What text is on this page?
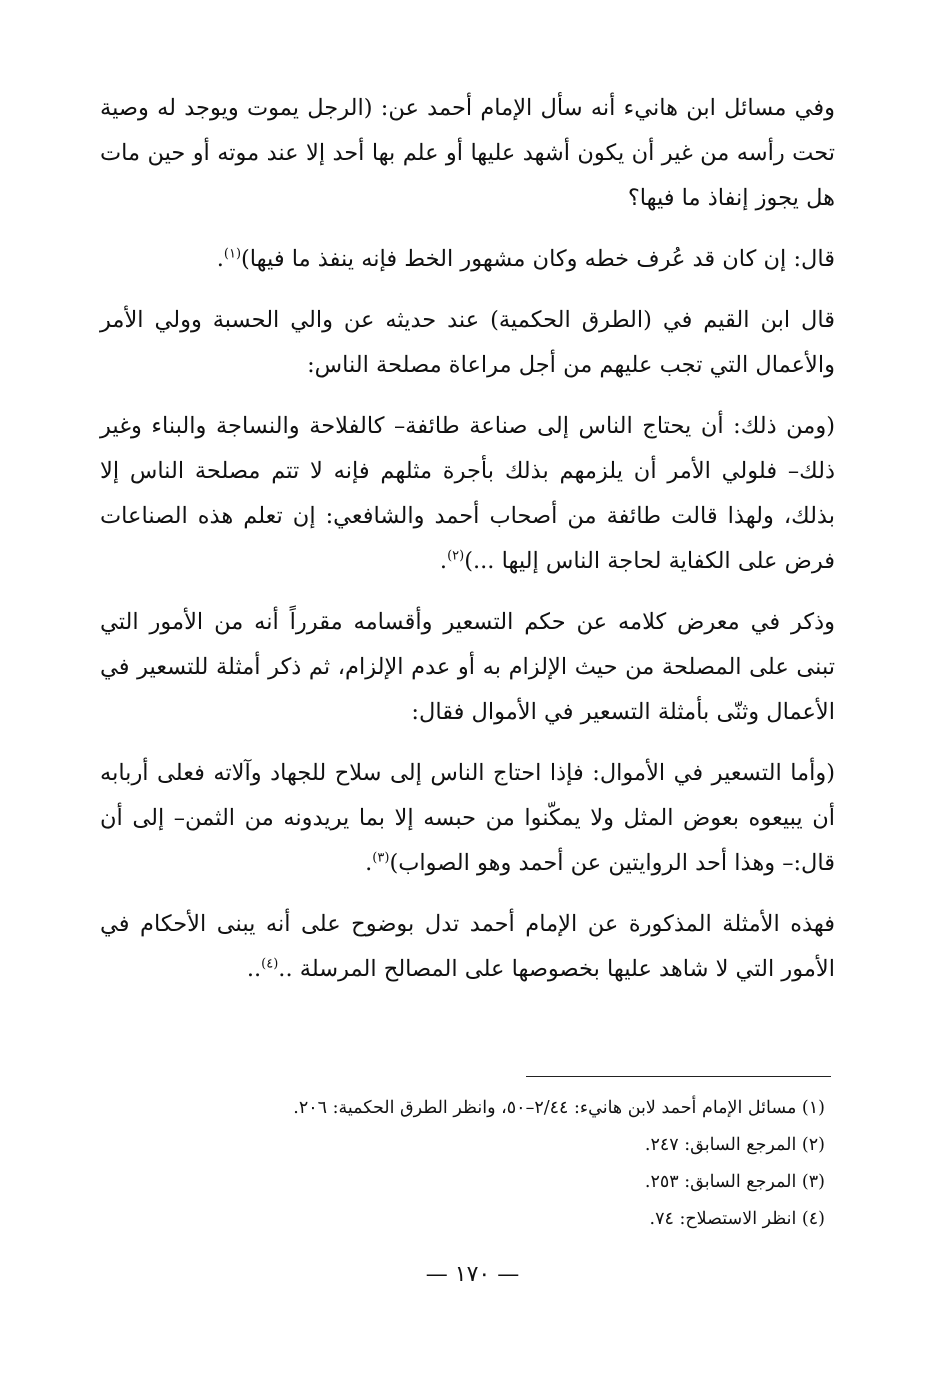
وفي مسائل ابن هانيء أنه سأل الإمام أحمد عن: (الرجل يموت ويوجد له وصية تحت رأسه من غير أن يكون أشهد عليها أو علم بها أحد إلا عند موته أو حين مات هل يجوز إنفاذ ما فيها؟

قال: إن كان قد عُرف خطه وكان مشهور الخط فإنه ينفذ ما فيها)$^{(١)}$.

قال ابن القيم في (الطرق الحكمية) عند حديثه عن والي الحسبة وولي الأمر والأعمال التي تجب عليهم من أجل مراعاة مصلحة الناس:

(ومن ذلك: أن يحتاج الناس إلى صناعة طائفة– كالفلاحة والنساجة والبناء وغير ذلك– فلولي الأمر أن يلزمهم بذلك بأجرة مثلهم فإنه لا تتم مصلحة الناس إلا بذلك، ولهذا قالت طائفة من أصحاب أحمد والشافعي: إن تعلم هذه الصناعات فرض على الكفاية لحاجة الناس إليها ...)$^{(٢)}$.

وذكر في معرض كلامه عن حكم التسعير وأقسامه مقرراً أنه من الأمور التي تبنى على المصلحة من حيث الإلزام به أو عدم الإلزام، ثم ذكر أمثلة للتسعير في الأعمال وثنّى بأمثلة التسعير في الأموال فقال:

(وأما التسعير في الأموال: فإذا احتاج الناس إلى سلاح للجهاد وآلاته فعلى أربابه أن يبيعوه بعوض المثل ولا يمكّنوا من حبسه إلا بما يريدونه من الثمن– إلى أن قال:– وهذا أحد الروايتين عن أحمد وهو الصواب)$^{(٣)}$.

فهذه الأمثلة المذكورة عن الإمام أحمد تدل بوضوح على أنه يبنى الأحكام في الأمور التي لا شاهد عليها بخصوصها على المصالح المرسلة ..$^{(٤)}$..

(١) مسائل الإمام أحمد لابن هانيء: ٢/٤٤–٥٠، وانظر الطرق الحكمية: ٢٠٦.

(٢) المرجع السابق: ٢٤٧.

(٣) المرجع السابق: ٢٥٣.

(٤) انظر الاستصلاح: ٧٤.

— ١٧٠ —
